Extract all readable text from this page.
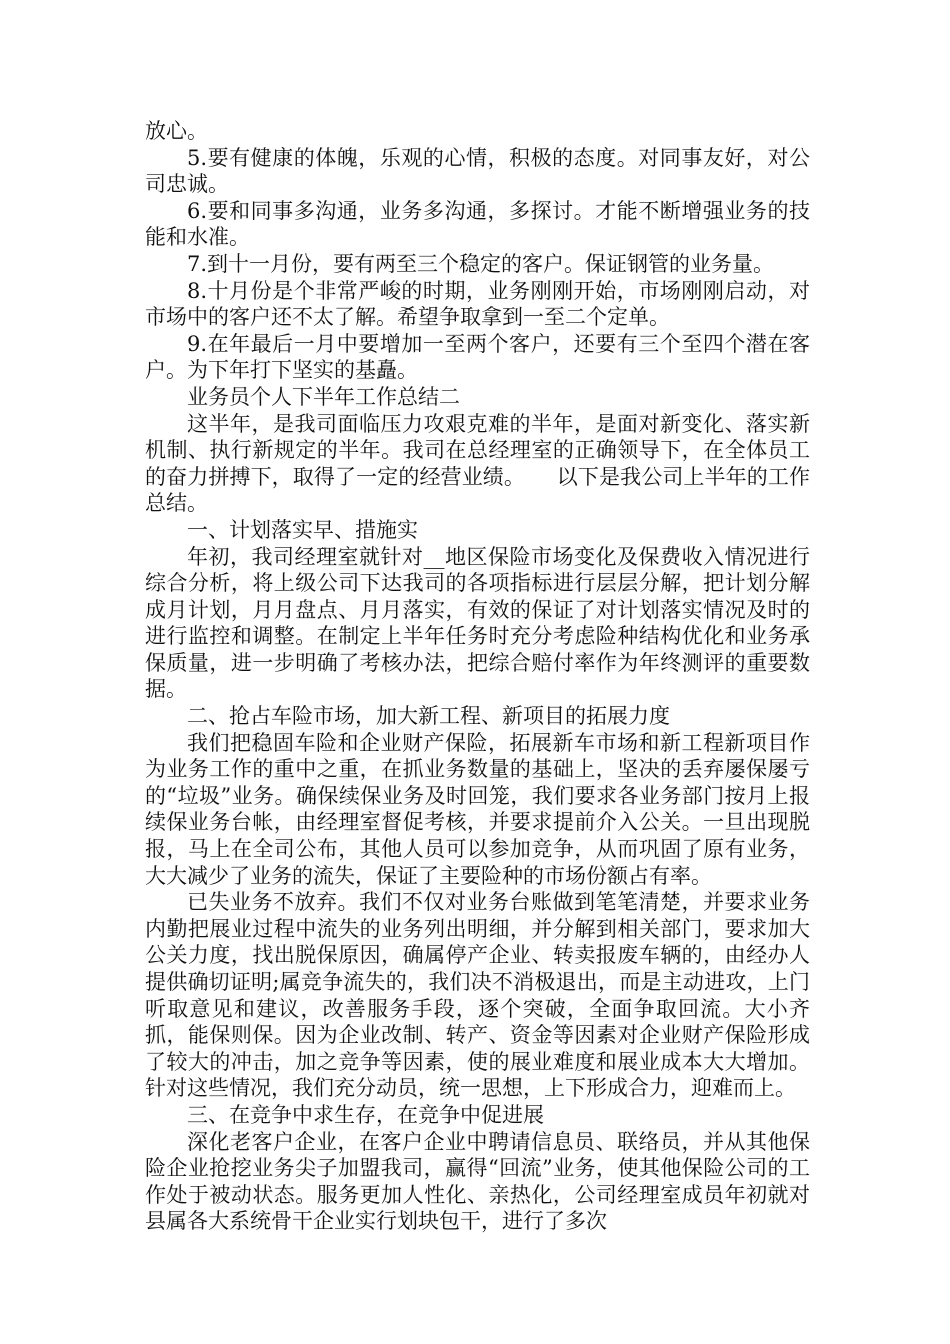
放心。

5.要有健康的体魄，乐观的心情，积极的态度。对同事友好，对公司忠诚。

6.要和同事多沟通，业务多沟通，多探讨。才能不断增强业务的技能和水准。

7.到十一月份，要有两至三个稳定的客户。保证钢管的业务量。

8.十月份是个非常严峻的时期，业务刚刚开始，市场刚刚启动，对市场中的客户还不太了解。希望争取拿到一至二个定单。

9.在年最后一月中要增加一至两个客户，还要有三个至四个潜在客户。为下年打下坚实的基矗。

业务员个人下半年工作总结二

这半年，是我司面临压力攻艰克难的半年，是面对新变化、落实新机制、执行新规定的半年。我司在总经理室的正确领导下，在全体员工的奋力拼搏下，取得了一定的经营业绩。　　以下是我公司上半年的工作总结。

一、计划落实早、措施实

年初，我司经理室就针对__地区保险市场变化及保费收入情况进行综合分析，将上级公司下达我司的各项指标进行层层分解，把计划分解成月计划，月月盘点、月月落实，有效的保证了对计划落实情况及时的进行监控和调整。在制定上半年任务时充分考虑险种结构优化和业务承保质量，进一步明确了考核办法，把综合赔付率作为年终测评的重要数据。

二、抢占车险市场，加大新工程、新项目的拓展力度

我们把稳固车险和企业财产保险，拓展新车市场和新工程新项目作为业务工作的重中之重，在抓业务数量的基础上，坚决的丢弃屡保屡亏的“垃圾”业务。确保续保业务及时回笼，我们要求各业务部门按月上报续保业务台帐，由经理室督促考核，并要求提前介入公关。一旦出现脱报，马上在全司公布，其他人员可以参加竞争，从而巩固了原有业务，大大减少了业务的流失，保证了主要险种的市场份额占有率。

已失业务不放弃。我们不仅对业务台账做到笔笔清楚，并要求业务内勤把展业过程中流失的业务列出明细，并分解到相关部门，要求加大公关力度，找出脱保原因，确属停产企业、转卖报废车辆的，由经办人提供确切证明;属竞争流失的，我们决不消极退出，而是主动进攻，上门听取意见和建议，改善服务手段，逐个突破，全面争取回流。大小齐抓，能保则保。因为企业改制、转产、资金等因素对企业财产保险形成了较大的冲击，加之竞争等因素，使的展业难度和展业成本大大增加。针对这些情况，我们充分动员，统一思想，上下形成合力，迎难而上。

三、在竞争中求生存，在竞争中促进展

深化老客户企业，在客户企业中聘请信息员、联络员，并从其他保险企业抢挖业务尖子加盟我司，赢得“回流”业务，使其他保险公司的工作处于被动状态。服务更加人性化、亲热化，公司经理室成员年初就对县属各大系统骨干企业实行划块包干，进行了多次
